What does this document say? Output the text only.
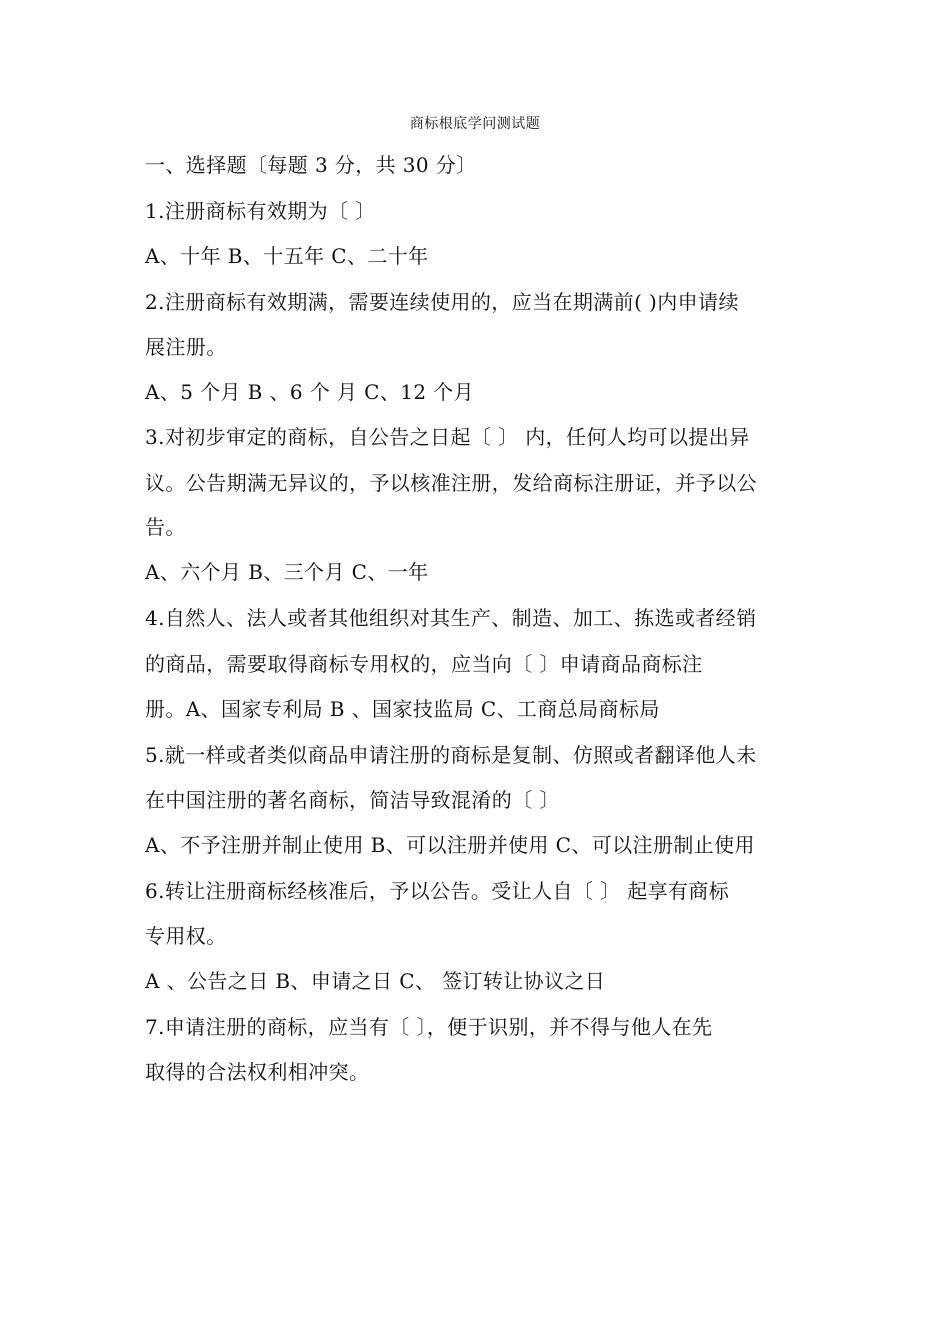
商标根底学问测试题
一、选择题〔每题 3 分，共 30 分〕
1.注册商标有效期为〔 〕
A、十年 B、十五年 C、二十年
2.注册商标有效期满，需要连续使用的，应当在期满前( )内申请续
展注册。
A、5 个月 B 、6 个 月 C、12 个月
3.对初步审定的商标，自公告之日起〔 〕 内，任何人均可以提出异
议。公告期满无异议的，予以核准注册，发给商标注册证，并予以公
告。
A、六个月 B、三个月 C、一年
4.自然人、法人或者其他组织对其生产、制造、加工、拣选或者经销
的商品，需要取得商标专用权的，应当向〔 〕申请商品商标注
册。A、国家专利局 B 、国家技监局 C、工商总局商标局
5.就一样或者类似商品申请注册的商标是复制、仿照或者翻译他人未
在中国注册的著名商标，简洁导致混淆的〔 〕
A、不予注册并制止使用 B、可以注册并使用 C、可以注册制止使用
6.转让注册商标经核准后，予以公告。受让人自〔 〕 起享有商标
专用权。
A 、公告之日 B、申请之日 C、 签订转让协议之日
7.申请注册的商标，应当有〔 〕，便于识别，并不得与他人在先
取得的合法权利相冲突。
